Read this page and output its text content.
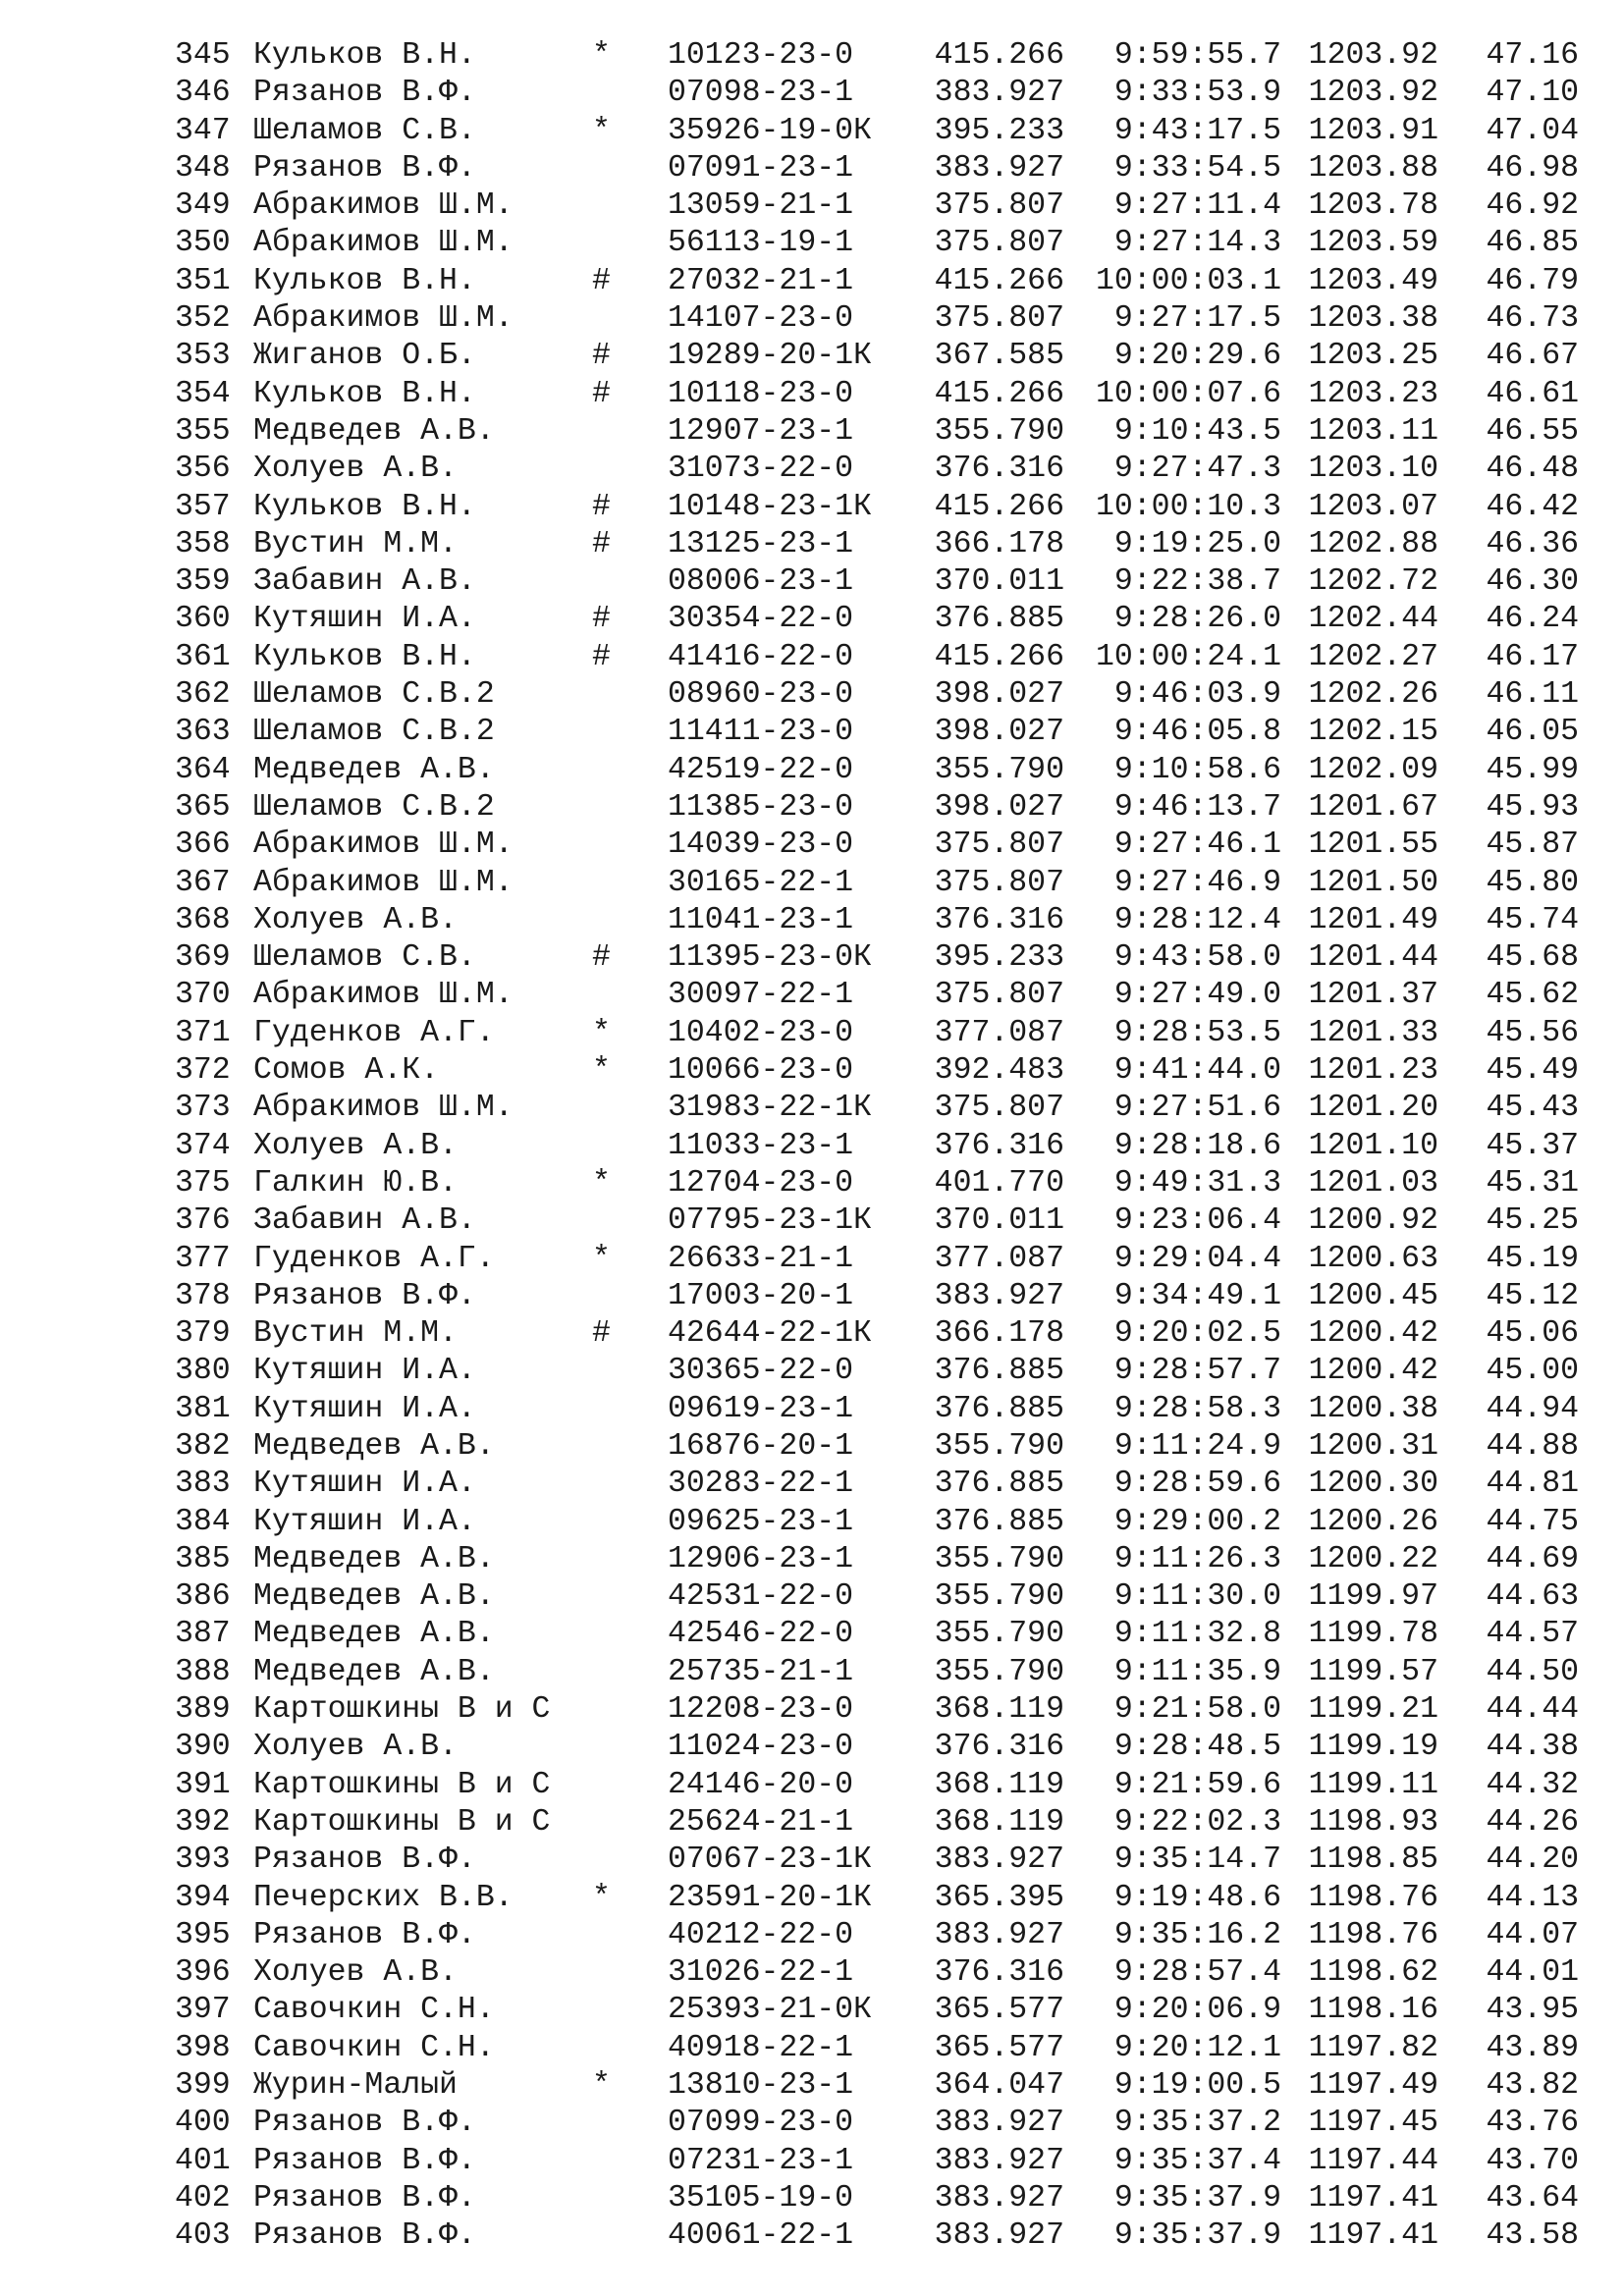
345 Кульков В.Н.	* 10123-23-0	415.266 9:59:55.7 1203.92 47.16
346 Рязанов В.Ф.	07098-23-1	383.927 9:33:53.9 1203.92 47.10
347 Шеламов С.В.	* 35926-19-0К 395.233 9:43:17.5 1203.91 47.04
348 Рязанов В.Ф.	07091-23-1	383.927 9:33:54.5 1203.88 46.98
349 Абракимов Ш.М.	13059-21-1	375.807 9:27:11.4 1203.78 46.92
350 Абракимов Ш.М.	56113-19-1	375.807 9:27:14.3 1203.59 46.85
351 Кульков В.Н.	# 27032-21-1	415.266 10:00:03.1 1203.49 46.79
352 Абракимов Ш.М.	14107-23-0	375.807 9:27:17.5 1203.38 46.73
353 Жиганов О.Б.	# 19289-20-1К 367.585 9:20:29.6 1203.25 46.67
354 Кульков В.Н.	# 10118-23-0	415.266 10:00:07.6 1203.23 46.61
355 Медведев А.В.	12907-23-1	355.790 9:10:43.5 1203.11 46.55
356 Холуев А.В.	31073-22-0	376.316 9:27:47.3 1203.10 46.48
357 Кульков В.Н.	# 10148-23-1К 415.266 10:00:10.3 1203.07 46.42
358 Вустин М.М.	# 13125-23-1	366.178 9:19:25.0 1202.88 46.36
359 Забавин А.В.	08006-23-1	370.011 9:22:38.7 1202.72 46.30
360 Кутяшин И.А.	# 30354-22-0	376.885 9:28:26.0 1202.44 46.24
361 Кульков В.Н.	# 41416-22-0	415.266 10:00:24.1 1202.27 46.17
362 Шеламов С.В.2	08960-23-0	398.027 9:46:03.9 1202.26 46.11
363 Шеламов С.В.2	11411-23-0	398.027 9:46:05.8 1202.15 46.05
364 Медведев А.В.	42519-22-0	355.790 9:10:58.6 1202.09 45.99
365 Шеламов С.В.2	11385-23-0	398.027 9:46:13.7 1201.67 45.93
366 Абракимов Ш.М.	14039-23-0	375.807 9:27:46.1 1201.55 45.87
367 Абракимов Ш.М.	30165-22-1	375.807 9:27:46.9 1201.50 45.80
368 Холуев А.В.	11041-23-1	376.316 9:28:12.4 1201.49 45.74
369 Шеламов С.В.	# 11395-23-0К 395.233 9:43:58.0 1201.44 45.68
370 Абракимов Ш.М.	30097-22-1	375.807 9:27:49.0 1201.37 45.62
371 Гуденков А.Г.	* 10402-23-0	377.087 9:28:53.5 1201.33 45.56
372 Сомов А.К.	* 10066-23-0	392.483 9:41:44.0 1201.23 45.49
373 Абракимов Ш.М.	31983-22-1К 375.807 9:27:51.6 1201.20 45.43
374 Холуев А.В.	11033-23-1	376.316 9:28:18.6 1201.10 45.37
375 Галкин Ю.В.	* 12704-23-0	401.770 9:49:31.3 1201.03 45.31
376 Забавин А.В.	07795-23-1К 370.011 9:23:06.4 1200.92 45.25
377 Гуденков А.Г.	* 26633-21-1	377.087 9:29:04.4 1200.63 45.19
378 Рязанов В.Ф.	17003-20-1	383.927 9:34:49.1 1200.45 45.12
379 Вустин М.М.	# 42644-22-1К 366.178 9:20:02.5 1200.42 45.06
380 Кутяшин И.А.	30365-22-0	376.885 9:28:57.7 1200.42 45.00
381 Кутяшин И.А.	09619-23-1	376.885 9:28:58.3 1200.38 44.94
382 Медведев А.В.	16876-20-1	355.790 9:11:24.9 1200.31 44.88
383 Кутяшин И.А.	30283-22-1	376.885 9:28:59.6 1200.30 44.81
384 Кутяшин И.А.	09625-23-1	376.885 9:29:00.2 1200.26 44.75
385 Медведев А.В.	12906-23-1	355.790 9:11:26.3 1200.22 44.69
386 Медведев А.В.	42531-22-0	355.790 9:11:30.0 1199.97 44.63
387 Медведев А.В.	42546-22-0	355.790 9:11:32.8 1199.78 44.57
388 Медведев А.В.	25735-21-1	355.790 9:11:35.9 1199.57 44.50
389 Картошкины В и С	12208-23-0	368.119 9:21:58.0 1199.21 44.44
390 Холуев А.В.	11024-23-0	376.316 9:28:48.5 1199.19 44.38
391 Картошкины В и С	24146-20-0	368.119 9:21:59.6 1199.11 44.32
392 Картошкины В и С	25624-21-1	368.119 9:22:02.3 1198.93 44.26
393 Рязанов В.Ф.	07067-23-1К 383.927 9:35:14.7 1198.85 44.20
394 Печерских В.В.	* 23591-20-1К 365.395 9:19:48.6 1198.76 44.13
395 Рязанов В.Ф.	40212-22-0	383.927 9:35:16.2 1198.76 44.07
396 Холуев А.В.	31026-22-1	376.316 9:28:57.4 1198.62 44.01
397 Савочкин С.Н.	25393-21-0К 365.577 9:20:06.9 1198.16 43.95
398 Савочкин С.Н.	40918-22-1	365.577 9:20:12.1 1197.82 43.89
399 Журин-Малый	* 13810-23-1	364.047 9:19:00.5 1197.49 43.82
400 Рязанов В.Ф.	07099-23-0	383.927 9:35:37.2 1197.45 43.76
401 Рязанов В.Ф.	07231-23-1	383.927 9:35:37.4 1197.44 43.70
402 Рязанов В.Ф.	35105-19-0	383.927 9:35:37.9 1197.41 43.64
403 Рязанов В.Ф.	40061-22-1	383.927 9:35:37.9 1197.41 43.58
